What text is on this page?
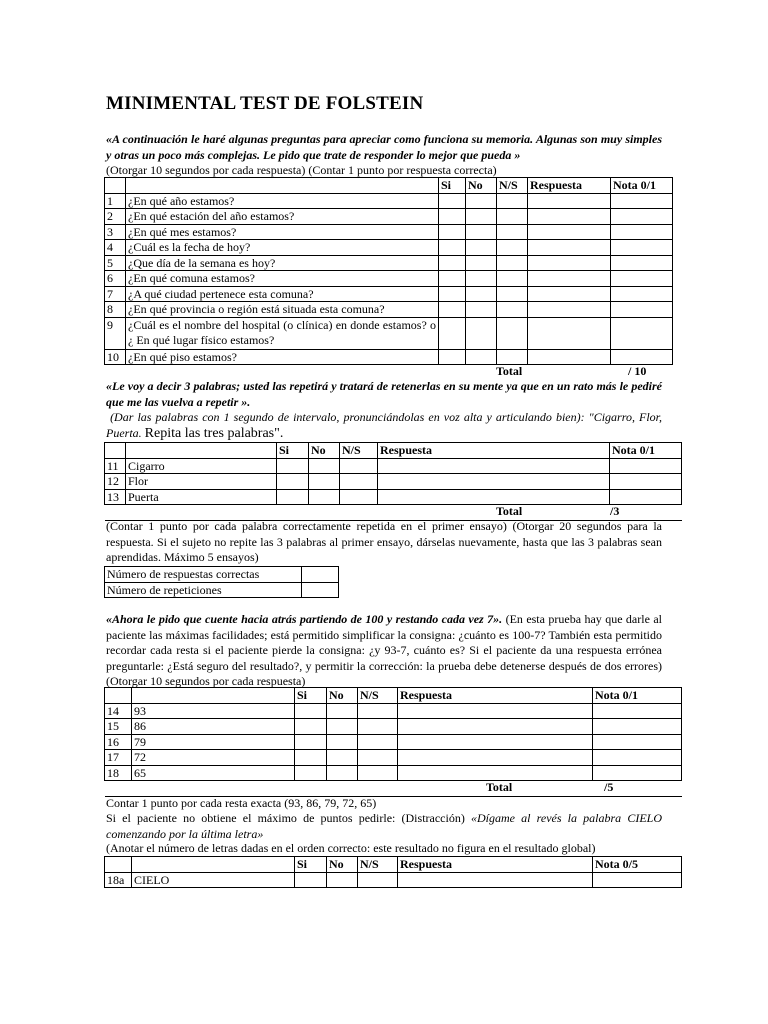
MINIMENTAL TEST DE FOLSTEIN

«A continuación le haré algunas preguntas para apreciar como funciona su memoria. Algunas son muy simples y otras un poco más complejas. Le pido que trate de responder lo mejor que pueda »

(Otorgar 10 segundos por cada respuesta) (Contar 1 punto por respuesta correcta)

		Si	No	N/S	Respuesta	Nota 0/1
1	¿En qué año estamos?					
2	¿En qué estación del año estamos?					
3	¿En qué mes estamos?					
4	¿Cuál es la fecha de hoy?					
5	¿Que día de la semana es hoy?					
6	¿En qué comuna estamos?					
7	¿A qué ciudad pertenece esta comuna?					
8	¿En qué provincia o región está situada esta comuna?					
9	¿Cuál es el nombre del hospital (o clínica) en donde estamos? o ¿ En qué lugar físico estamos?					
10	¿En qué piso estamos?					
Total	/ 10

«Le voy a decir 3 palabras; usted las repetirá y tratará de retenerlas en su mente ya que en un rato más le pediré que me las vuelva a repetir ».

(Dar las palabras con 1 segundo de intervalo, pronunciándolas en voz alta y articulando bien): "Cigarro, Flor, Puerta. Repita las tres palabras".

		Si	No	N/S	Respuesta	Nota 0/1
11	Cigarro					
12	Flor					
13	Puerta					

Total	/3

(Contar 1 punto por cada palabra correctamente repetida en el primer ensayo) (Otorgar 20 segundos para la respuesta. Si el sujeto no repite las 3 palabras al primer ensayo, dárselas nuevamente, hasta que las 3 palabras sean aprendidas. Máximo 5 ensayos)

Número de respuestas correctas	
Número de repeticiones	

«Ahora le pido que cuente hacia atrás partiendo de 100 y restando cada vez 7». (En esta prueba hay que darle al paciente las máximas facilidades; está permitido simplificar la consigna: ¿cuánto es 100-7? También esta permitido recordar cada resta si el paciente pierde la consigna: ¿y 93-7, cuánto es? Si el paciente da una respuesta errónea preguntarle: ¿Está seguro del resultado?, y permitir la corrección: la prueba debe detenerse después de dos errores) (Otorgar 10 segundos por cada respuesta)

		Si	No	N/S	Respuesta	Nota 0/1
14	93					
15	86					
16	79					
17	72					
18	65					

Total	/5

Contar 1 punto por cada resta exacta (93, 86, 79, 72, 65)

Si el paciente no obtiene el máximo de puntos pedirle: (Distracción) «Dígame al revés la palabra CIELO comenzando por la última letra»

(Anotar el número de letras dadas en el orden correcto: este resultado no figura en el resultado global)

		Si	No	N/S	Respuesta	Nota 0/5
18a	CIELO					
